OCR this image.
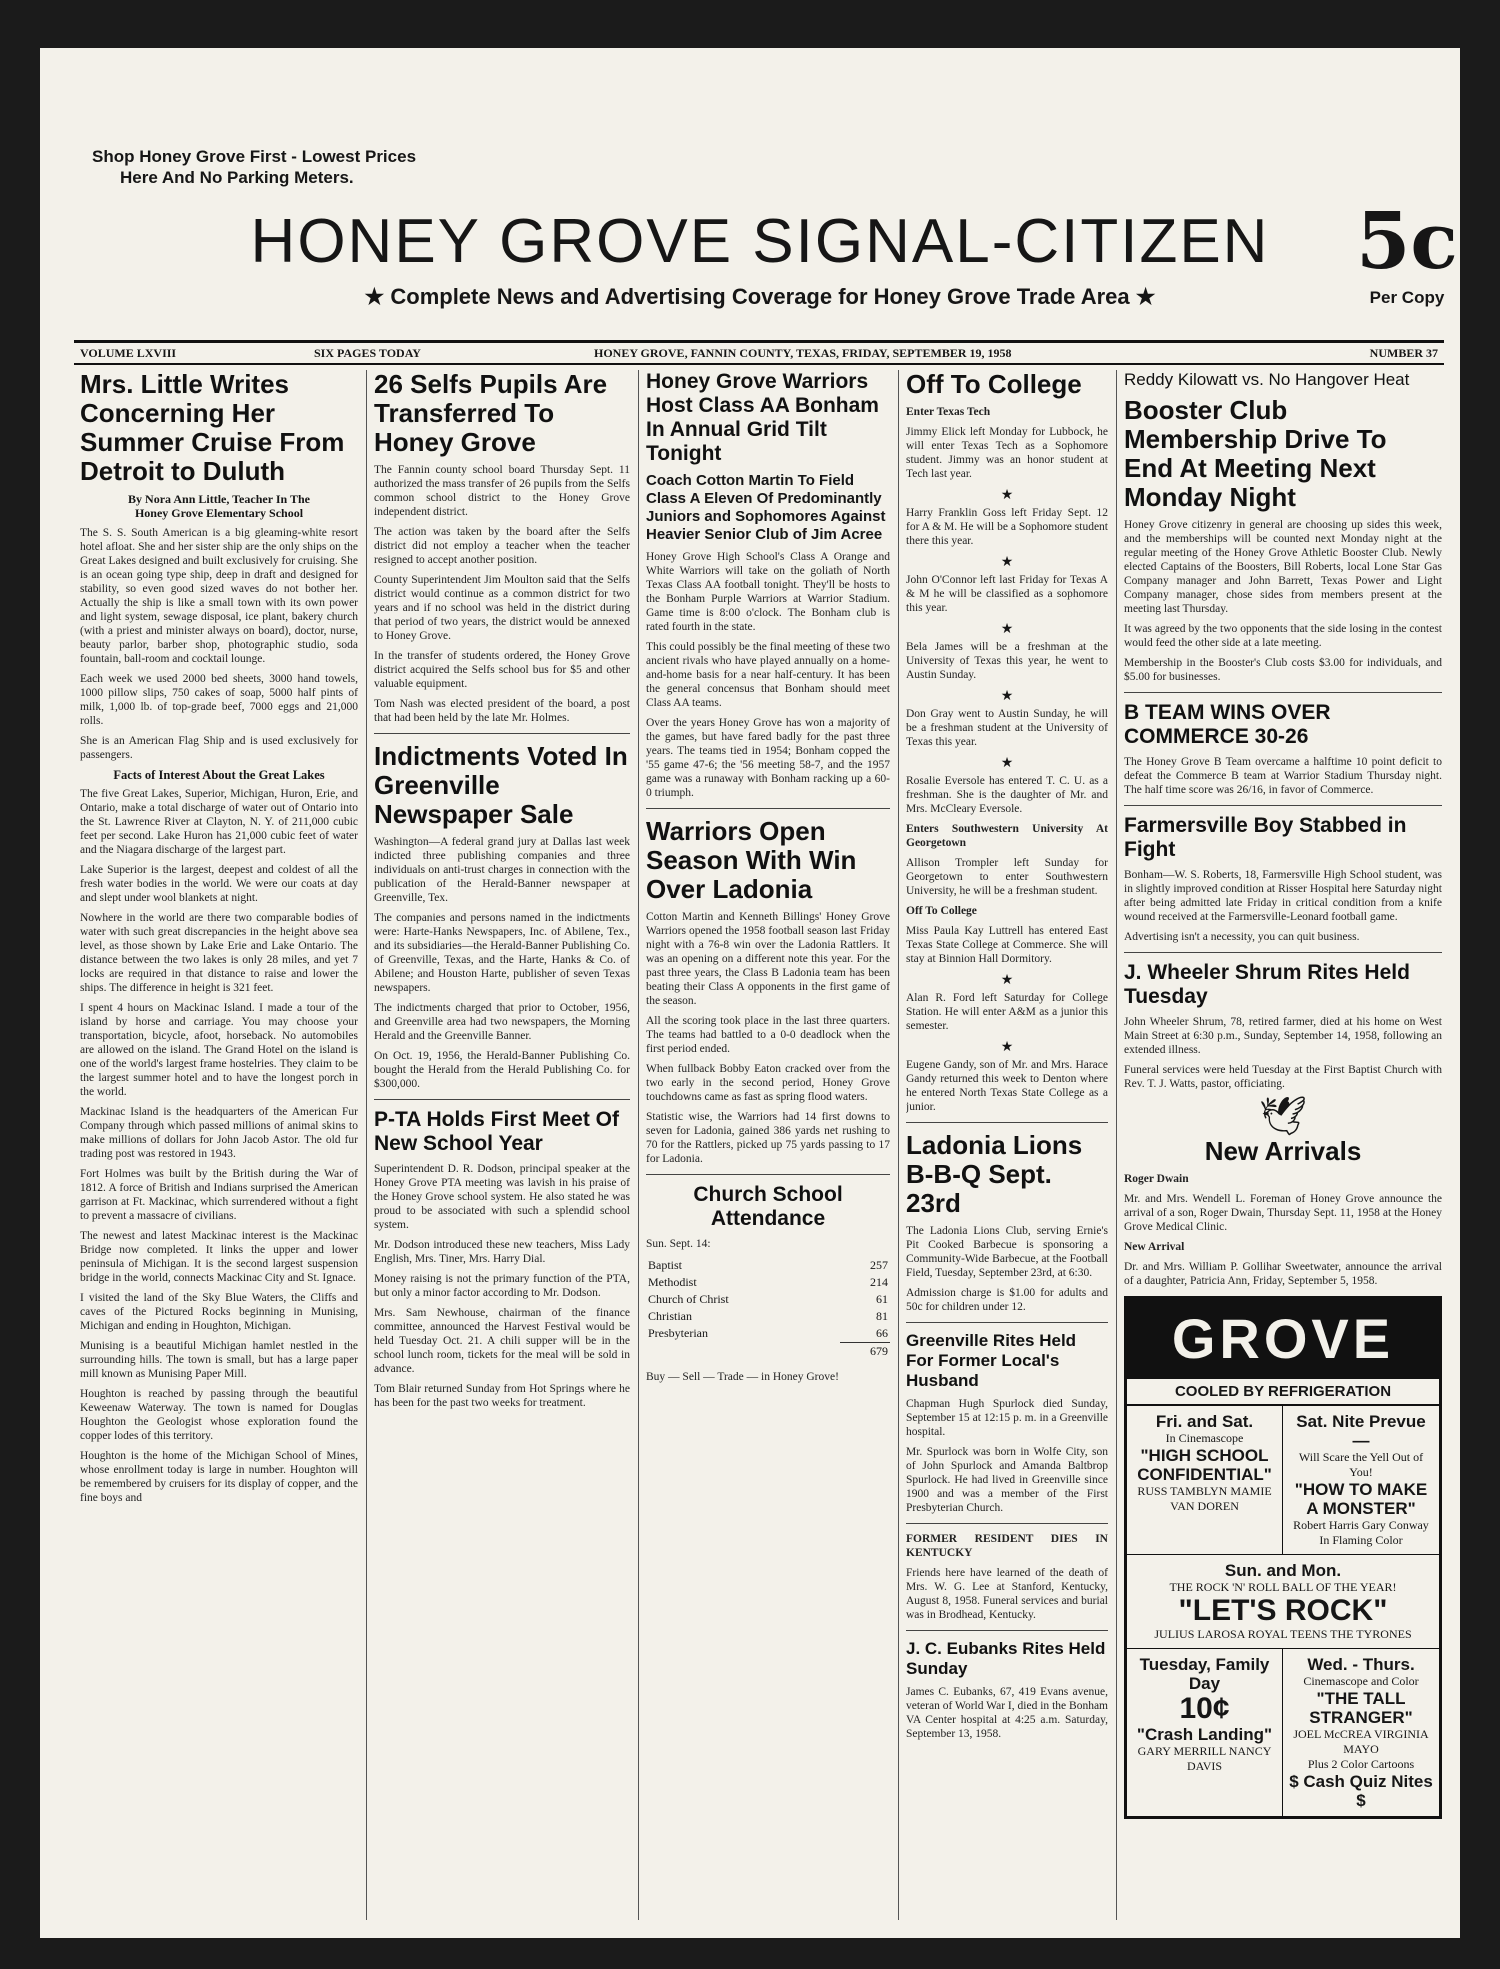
Shop Honey Grove First - Lowest Prices
Here And No Parking Meters.
HONEY GROVE SIGNAL-CITIZEN
★ Complete News and Advertising Coverage for Honey Grove Trade Area ★
5c
Per Copy
VOLUME LXVIII	SIX PAGES TODAY	HONEY GROVE, FANNIN COUNTY, TEXAS, FRIDAY, SEPTEMBER 19, 1958	NUMBER 37
Mrs. Little Writes Concerning Her Summer Cruise From Detroit to Duluth
By Nora Ann Little, Teacher In The
Honey Grove Elementary School
The S. S. South American is a big gleaming-white resort hotel afloat. She and her sister ship are the only ships on the Great Lakes designed and built exclusively for cruising. She is an ocean going type ship, deep in draft and designed for stability, so even good sized waves do not bother her. Actually the ship is like a small town with its own power and light system, sewage disposal, ice plant, bakery church (with a priest and minister always on board), doctor, nurse, beauty parlor, barber shop, photographic studio, soda fountain, ball-room and cocktail lounge.
Each week we used 2000 bed sheets, 3000 hand towels, 1000 pillow slips, 750 cakes of soap, 5000 half pints of milk, 1,000 lb. of top-grade beef, 7000 eggs and 21,000 rolls.
She is an American Flag Ship and is used exclusively for passengers.
Facts of Interest About the Great Lakes
The five Great Lakes, Superior, Michigan, Huron, Erie, and Ontario, make a total discharge of water out of Ontario into the St. Lawrence River at Clayton, N. Y. of 211,000 cubic feet per second. Lake Huron has 21,000 cubic feet of water and the Niagara discharge of the largest part.
Lake Superior is the largest, deepest and coldest of all the fresh water bodies in the world. We were our coats at day and slept under wool blankets at night.
Nowhere in the world are there two comparable bodies of water with such great discrepancies in the height above sea level, as those shown by Lake Erie and Lake Ontario. The distance between the two lakes is only 28 miles, and yet 7 locks are required in that distance to raise and lower the ships. The difference in height is 321 feet.
I spent 4 hours on Mackinac Island. I made a tour of the island by horse and carriage. You may choose your transportation, bicycle, afoot, horseback. No automobiles are allowed on the island. The Grand Hotel on the island is one of the world's largest frame hostelries. They claim to be the largest summer hotel and to have the longest porch in the world.
Mackinac Island is the headquarters of the American Fur Company through which passed millions of animal skins to make millions of dollars for John Jacob Astor. The old fur trading post was restored in 1943.
Fort Holmes was built by the British during the War of 1812. A force of British and Indians surprised the American garrison at Ft. Mackinac, which surrendered without a fight to prevent a massacre of civilians.
The newest and latest Mackinac interest is the Mackinac Bridge now completed. It links the upper and lower peninsula of Michigan. It is the second largest suspension bridge in the world, connects Mackinac City and St. Ignace.
I visited the land of the Sky Blue Waters, the Cliffs and caves of the Pictured Rocks beginning in Munising, Michigan and ending in Houghton, Michigan.
Munising is a beautiful Michigan hamlet nestled in the surrounding hills. The town is small, but has a large paper mill known as Munising Paper Mill.
Houghton is reached by passing through the beautiful Keweenaw Waterway. The town is named for Douglas Houghton the Geologist whose exploration found the copper lodes of this territory.
Houghton is the home of the Michigan School of Mines, whose enrollment today is large in number. Houghton will be remembered by cruisers for its display of copper, and the fine boys and
26 Selfs Pupils Are Transferred To Honey Grove
The Fannin county school board Thursday Sept. 11 authorized the mass transfer of 26 pupils from the Selfs common school district to the Honey Grove independent district.
The action was taken by the board after the Selfs district did not employ a teacher when the teacher resigned to accept another position.
County Superintendent Jim Moulton said that the Selfs district would continue as a common district for two years and if no school was held in the district during that period of two years, the district would be annexed to Honey Grove.
In the transfer of students ordered, the Honey Grove district acquired the Selfs school bus for $5 and other valuable equipment.
Tom Nash was elected president of the board, a post that had been held by the late Mr. Holmes.
Indictments Voted In Greenville Newspaper Sale
Washington—A federal grand jury at Dallas last week indicted three publishing companies and three individuals on anti-trust charges in connection with the publication of the Herald-Banner newspaper at Greenville, Tex.
The companies and persons named in the indictments were: Harte-Hanks Newspapers, Inc. of Abilene, Tex., and its subsidiaries—the Herald-Banner Publishing Co. of Greenville, Texas, and the Harte, Hanks & Co. of Abilene; and Houston Harte, publisher of seven Texas newspapers.
The indictments charged that prior to October, 1956, and Greenville area had two newspapers, the Morning Herald and the Greenville Banner.
On Oct. 19, 1956, the Herald-Banner Publishing Co. bought the Herald from the Herald Publishing Co. for $300,000.
P-TA Holds First Meet Of New School Year
Superintendent D. R. Dodson, principal speaker at the Honey Grove PTA meeting was lavish in his praise of the Honey Grove school system. He also stated he was proud to be associated with such a splendid school system.
Mr. Dodson introduced these new teachers, Miss Lady English, Mrs. Tiner, Mrs. Harry Dial.
Money raising is not the primary function of the PTA, but only a minor factor according to Mr. Dodson.
Mrs. Sam Newhouse, chairman of the finance committee, announced the Harvest Festival would be held Tuesday Oct. 21. A chili supper will be in the school lunch room, tickets for the meal will be sold in advance.
Tom Blair returned Sunday from Hot Springs where he has been for the past two weeks for treatment.
Honey Grove Warriors Host Class AA Bonham In Annual Grid Tilt Tonight
Coach Cotton Martin To Field Class A Eleven Of Predominantly Juniors and Sophomores Against Heavier Senior Club of Jim Acree
Honey Grove High School's Class A Orange and White Warriors will take on the goliath of North Texas Class AA football tonight. They'll be hosts to the Bonham Purple Warriors at Warrior Stadium. Game time is 8:00 o'clock. The Bonham club is rated fourth in the state.
This could possibly be the final meeting of these two ancient rivals who have played annually on a home-and-home basis for a near half-century. It has been the general concensus that Bonham should meet Class AA teams.
Over the years Honey Grove has won a majority of the games, but have fared badly for the past three years. The teams tied in 1954; Bonham copped the '55 game 47-6; the '56 meeting 58-7, and the 1957 game was a runaway with Bonham racking up a 60-0 triumph.
Warriors Open Season With Win Over Ladonia
Cotton Martin and Kenneth Billings' Honey Grove Warriors opened the 1958 football season last Friday night with a 76-8 win over the Ladonia Rattlers. It was an opening on a different note this year. For the past three years, the Class B Ladonia team has been beating their Class A opponents in the first game of the season.
All the scoring took place in the last three quarters. The teams had battled to a 0-0 deadlock when the first period ended.
When fullback Bobby Eaton cracked over from the two early in the second period, Honey Grove touchdowns came as fast as spring flood waters.
Statistic wise, the Warriors had 14 first downs to seven for Ladonia, gained 386 yards net rushing to 70 for the Rattlers, picked up 75 yards passing to 17 for Ladonia.
Church School Attendance
Sun. Sept. 14:
Baptist	257
Methodist	214
Church of Christ	61
Christian	81
Presbyterian	66
	679
Buy — Sell — Trade — in Honey Grove!
Off To College
Enter Texas Tech
Jimmy Elick left Monday for Lubbock, he will enter Texas Tech as a Sophomore student. Jimmy was an honor student at Tech last year.
★
Harry Franklin Goss left Friday Sept. 12 for A & M. He will be a Sophomore student there this year.
★
John O'Connor left last Friday for Texas A & M he will be classified as a sophomore this year.
★
Bela James will be a freshman at the University of Texas this year, he went to Austin Sunday.
★
Don Gray went to Austin Sunday, he will be a freshman student at the University of Texas this year.
★
Rosalie Eversole has entered T. C. U. as a freshman. She is the daughter of Mr. and Mrs. McCleary Eversole.
Enters Southwestern University At Georgetown
Allison Trompler left Sunday for Georgetown to enter Southwestern University, he will be a freshman student.
Off To College
Miss Paula Kay Luttrell has entered East Texas State College at Commerce. She will stay at Binnion Hall Dormitory.
★
Alan R. Ford left Saturday for College Station. He will enter A&M as a junior this semester.
★
Eugene Gandy, son of Mr. and Mrs. Harace Gandy returned this week to Denton where he entered North Texas State College as a junior.
Ladonia Lions B-B-Q Sept. 23rd
The Ladonia Lions Club, serving Ernie's Pit Cooked Barbecue is sponsoring a Community-Wide Barbecue, at the Football Field, Tuesday, September 23rd, at 6:30.
Admission charge is $1.00 for adults and 50c for children under 12.
Greenville Rites Held For Former Local's Husband
Chapman Hugh Spurlock died Sunday, September 15 at 12:15 p. m. in a Greenville hospital.
Mr. Spurlock was born in Wolfe City, son of John Spurlock and Amanda Baltbrop Spurlock. He had lived in Greenville since 1900 and was a member of the First Presbyterian Church.
FORMER RESIDENT DIES IN KENTUCKY
Friends here have learned of the death of Mrs. W. G. Lee at Stanford, Kentucky, August 8, 1958. Funeral services and burial was in Brodhead, Kentucky.
J. C. Eubanks Rites Held Sunday
James C. Eubanks, 67, 419 Evans avenue, veteran of World War I, died in the Bonham VA Center hospital at 4:25 a.m. Saturday, September 13, 1958.
Reddy Kilowatt vs. No Hangover Heat
Booster Club Membership Drive To End At Meeting Next Monday Night
Honey Grove citizenry in general are choosing up sides this week, and the memberships will be counted next Monday night at the regular meeting of the Honey Grove Athletic Booster Club. Newly elected Captains of the Boosters, Bill Roberts, local Lone Star Gas Company manager and John Barrett, Texas Power and Light Company manager, chose sides from members present at the meeting last Thursday.
It was agreed by the two opponents that the side losing in the contest would feed the other side at a late meeting.
Membership in the Booster's Club costs $3.00 for individuals, and $5.00 for businesses.
B TEAM WINS OVER COMMERCE 30-26
The Honey Grove B Team overcame a halftime 10 point deficit to defeat the Commerce B team at Warrior Stadium Thursday night. The half time score was 26/16, in favor of Commerce.
Farmersville Boy Stabbed in Fight
Bonham—W. S. Roberts, 18, Farmersville High School student, was in slightly improved condition at Risser Hospital here Saturday night after being admitted late Friday in critical condition from a knife wound received at the Farmersville-Leonard football game.
Advertising isn't a necessity, you can quit business.
J. Wheeler Shrum Rites Held Tuesday
John Wheeler Shrum, 78, retired farmer, died at his home on West Main Street at 6:30 p.m., Sunday, September 14, 1958, following an extended illness.
Funeral services were held Tuesday at the First Baptist Church with Rev. T. J. Watts, pastor, officiating.
🕊
New Arrivals
Roger Dwain
Mr. and Mrs. Wendell L. Foreman of Honey Grove announce the arrival of a son, Roger Dwain, Thursday Sept. 11, 1958 at the Honey Grove Medical Clinic.
New Arrival
Dr. and Mrs. William P. Gollihar Sweetwater, announce the arrival of a daughter, Patricia Ann, Friday, September 5, 1958.
GROVE
COOLED BY REFRIGERATION
Fri. and Sat.
In Cinemascope
"HIGH SCHOOL CONFIDENTIAL"
RUSS TAMBLYN MAMIE VAN DOREN
Sat. Nite Prevue—
Will Scare the Yell Out of You!
"HOW TO MAKE A MONSTER"
Robert Harris Gary Conway
In Flaming Color
Sun. and Mon.
THE ROCK 'N' ROLL BALL OF THE YEAR!
"LET'S ROCK"
JULIUS LAROSA ROYAL TEENS THE TYRONES
Tuesday, Family Day
10¢
"Crash Landing"
GARY MERRILL NANCY DAVIS
Wed. - Thurs.
Cinemascope and Color
"THE TALL STRANGER"
JOEL McCREA VIRGINIA MAYO
Plus 2 Color Cartoons
$ Cash Quiz Nites $
